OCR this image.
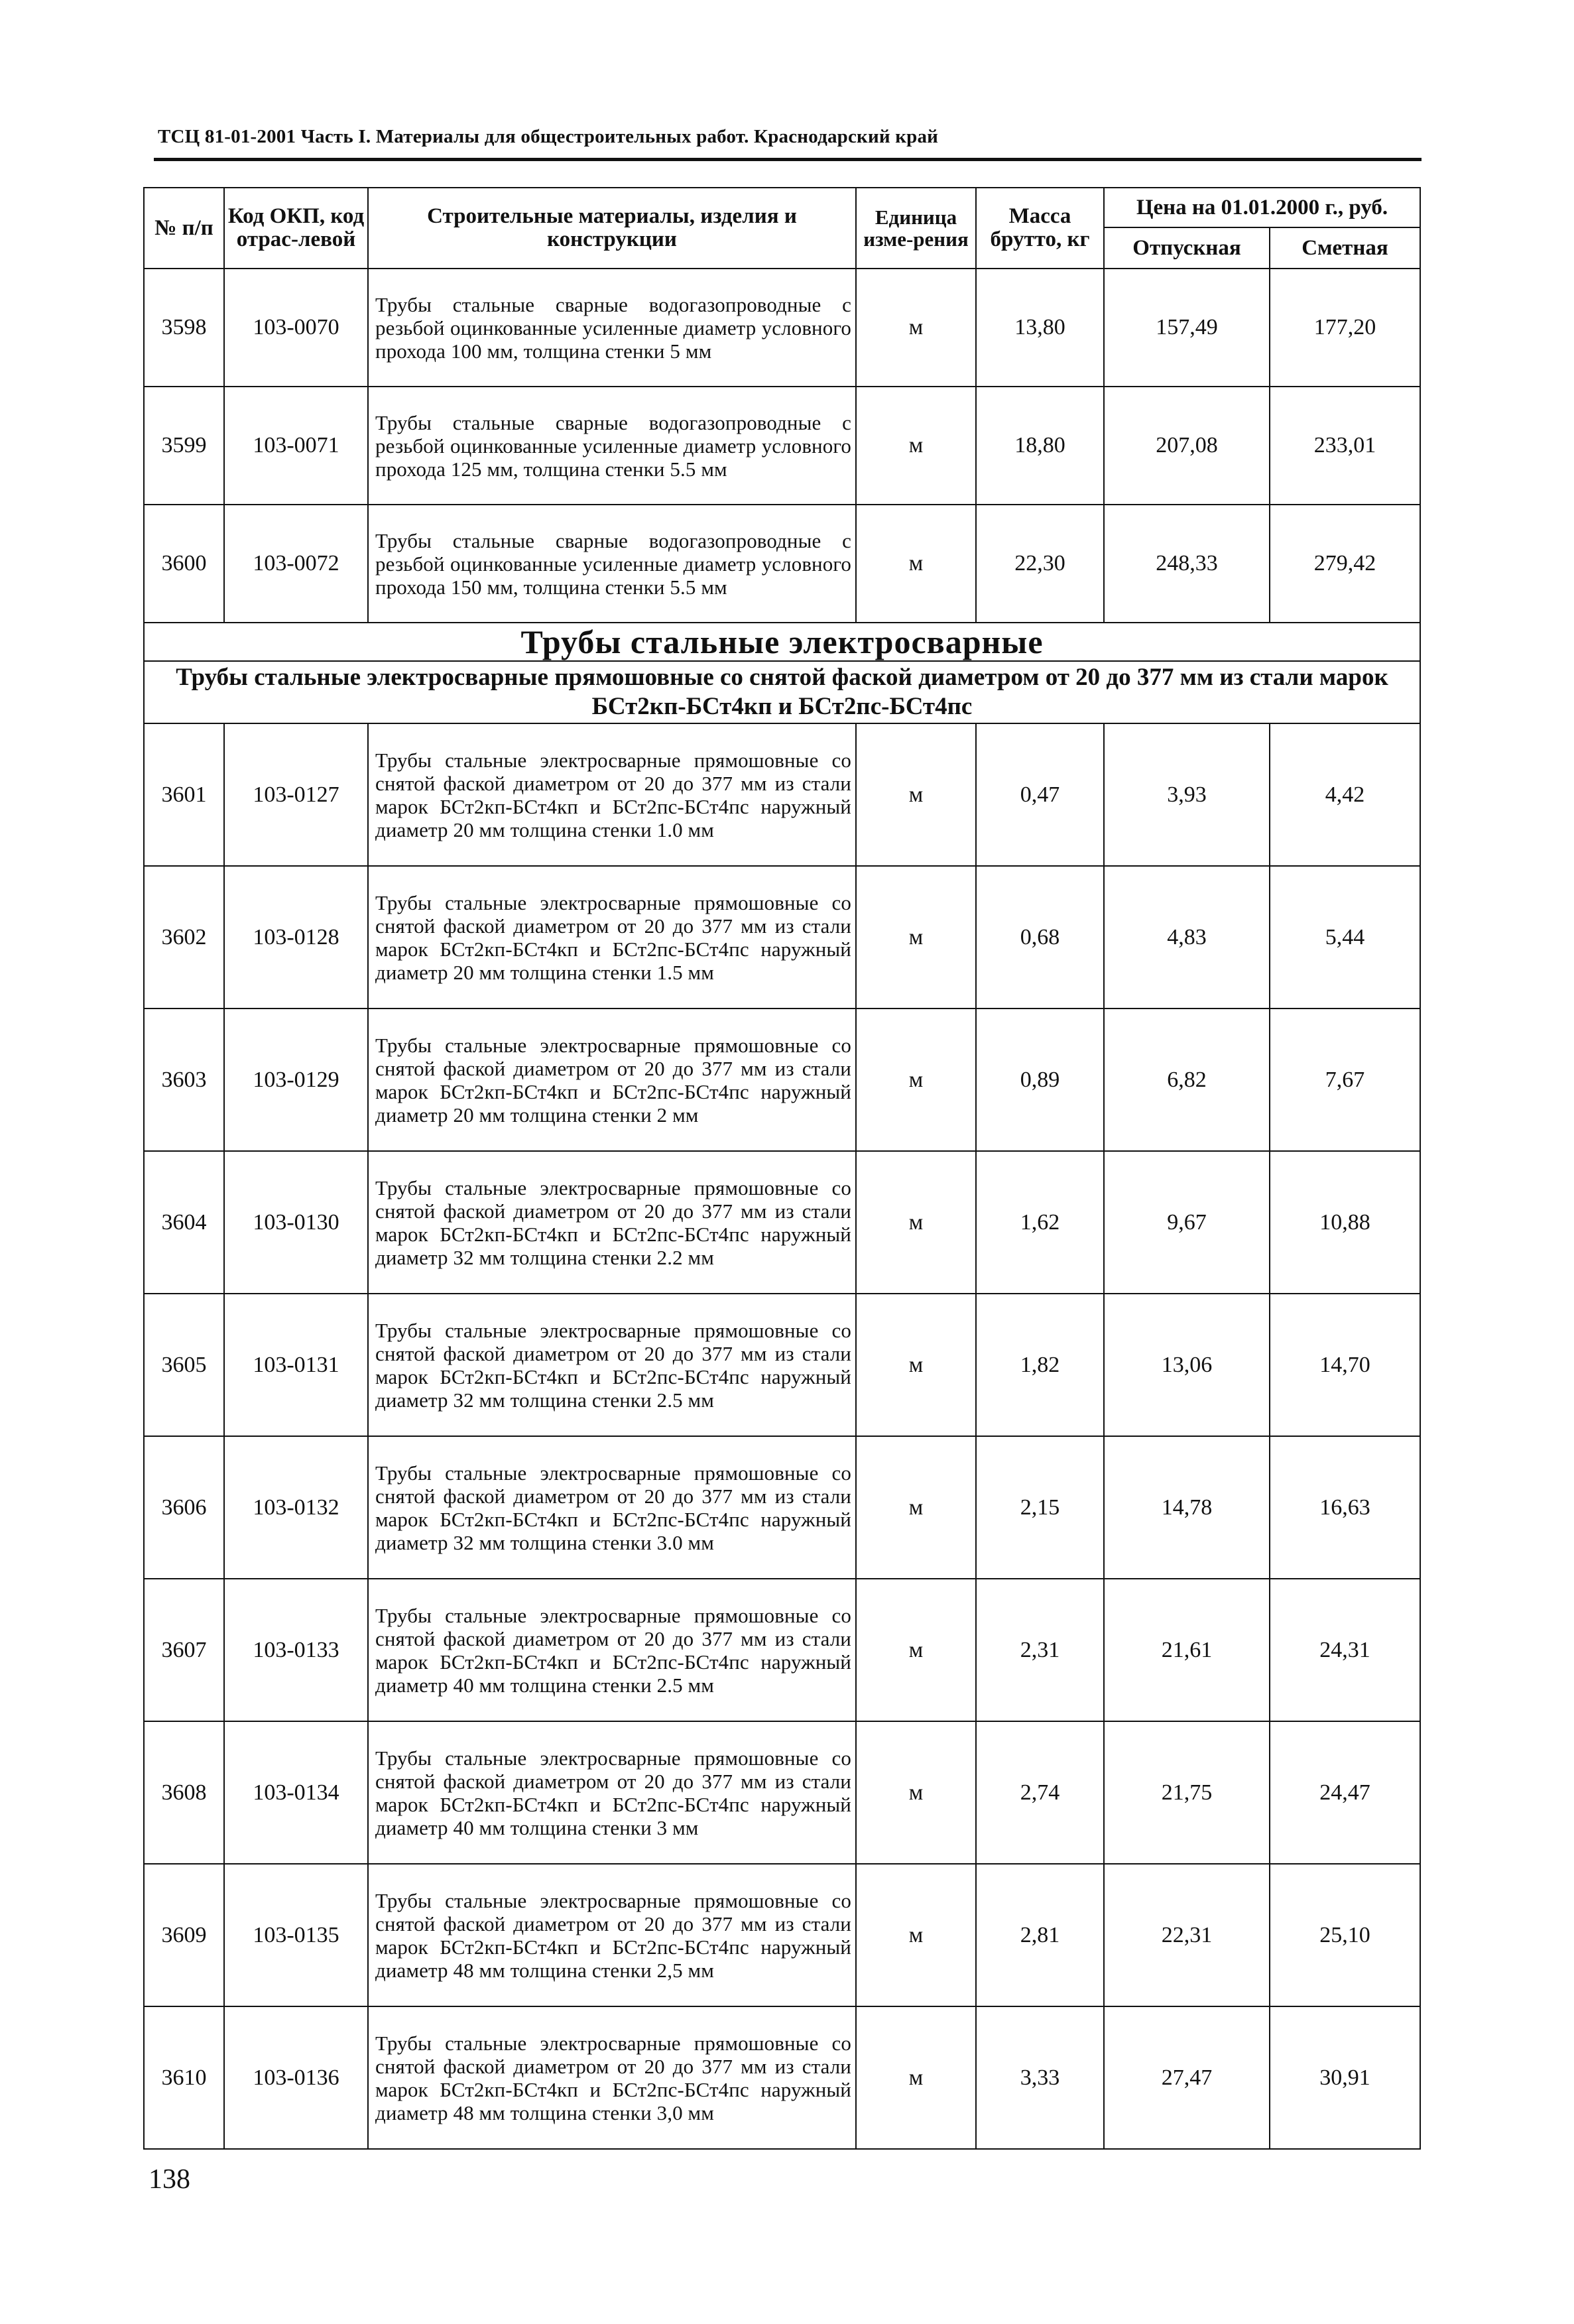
ТСЦ 81-01-2001 Часть I. Материалы для общестроительных работ. Краснодарский край
№ п/п	Код ОКП, код отрас-левой	Строительные материалы, изделия и конструкции	Единица изме-рения	Масса брутто, кг	Цена на 01.01.2000 г., руб.	
					Отпускная	Сметная
3598	103-0070	Трубы стальные сварные водогазопроводные с резьбой оцинкованные усиленные диаметр условного прохода 100 мм, толщина стенки 5 мм	м	13,80	157,49	177,20
3599	103-0071	Трубы стальные сварные водогазопроводные с резьбой оцинкованные усиленные диаметр условного прохода 125 мм, толщина стенки 5.5 мм	м	18,80	207,08	233,01
3600	103-0072	Трубы стальные сварные водогазопроводные с резьбой оцинкованные усиленные диаметр условного прохода 150 мм, толщина стенки 5.5 мм	м	22,30	248,33	279,42
Трубы стальные электросварные						
Трубы стальные электросварные прямошовные со снятой фаской диаметром от 20 до 377 мм из стали марок БСт2кп-БСт4кп и БСт2пс-БСт4пс						
3601	103-0127	Трубы стальные электросварные прямошовные со снятой фаской диаметром от 20 до 377 мм из стали марок БСт2кп-БСт4кп и БСт2пс-БСт4пс наружный диаметр 20 мм толщина стенки 1.0 мм	м	0,47	3,93	4,42
3602	103-0128	Трубы стальные электросварные прямошовные со снятой фаской диаметром от 20 до 377 мм из стали марок БСт2кп-БСт4кп и БСт2пс-БСт4пс наружный диаметр 20 мм толщина стенки 1.5 мм	м	0,68	4,83	5,44
3603	103-0129	Трубы стальные электросварные прямошовные со снятой фаской диаметром от 20 до 377 мм из стали марок БСт2кп-БСт4кп и БСт2пс-БСт4пс наружный диаметр 20 мм толщина стенки 2 мм	м	0,89	6,82	7,67
3604	103-0130	Трубы стальные электросварные прямошовные со снятой фаской диаметром от 20 до 377 мм из стали марок БСт2кп-БСт4кп и БСт2пс-БСт4пс наружный диаметр 32 мм толщина стенки 2.2 мм	м	1,62	9,67	10,88
3605	103-0131	Трубы стальные электросварные прямошовные со снятой фаской диаметром от 20 до 377 мм из стали марок БСт2кп-БСт4кп и БСт2пс-БСт4пс наружный диаметр 32 мм толщина стенки 2.5 мм	м	1,82	13,06	14,70
3606	103-0132	Трубы стальные электросварные прямошовные со снятой фаской диаметром от 20 до 377 мм из стали марок БСт2кп-БСт4кп и БСт2пс-БСт4пс наружный диаметр 32 мм толщина стенки 3.0 мм	м	2,15	14,78	16,63
3607	103-0133	Трубы стальные электросварные прямошовные со снятой фаской диаметром от 20 до 377 мм из стали марок БСт2кп-БСт4кп и БСт2пс-БСт4пс наружный диаметр 40 мм толщина стенки 2.5 мм	м	2,31	21,61	24,31
3608	103-0134	Трубы стальные электросварные прямошовные со снятой фаской диаметром от 20 до 377 мм из стали марок БСт2кп-БСт4кп и БСт2пс-БСт4пс наружный диаметр 40 мм толщина стенки 3 мм	м	2,74	21,75	24,47
3609	103-0135	Трубы стальные электросварные прямошовные со снятой фаской диаметром от 20 до 377 мм из стали марок БСт2кп-БСт4кп и БСт2пс-БСт4пс наружный диаметр 48 мм толщина стенки 2,5 мм	м	2,81	22,31	25,10
3610	103-0136	Трубы стальные электросварные прямошовные со снятой фаской диаметром от 20 до 377 мм из стали марок БСт2кп-БСт4кп и БСт2пс-БСт4пс наружный диаметр 48 мм толщина стенки 3,0 мм	м	3,33	27,47	30,91
138
